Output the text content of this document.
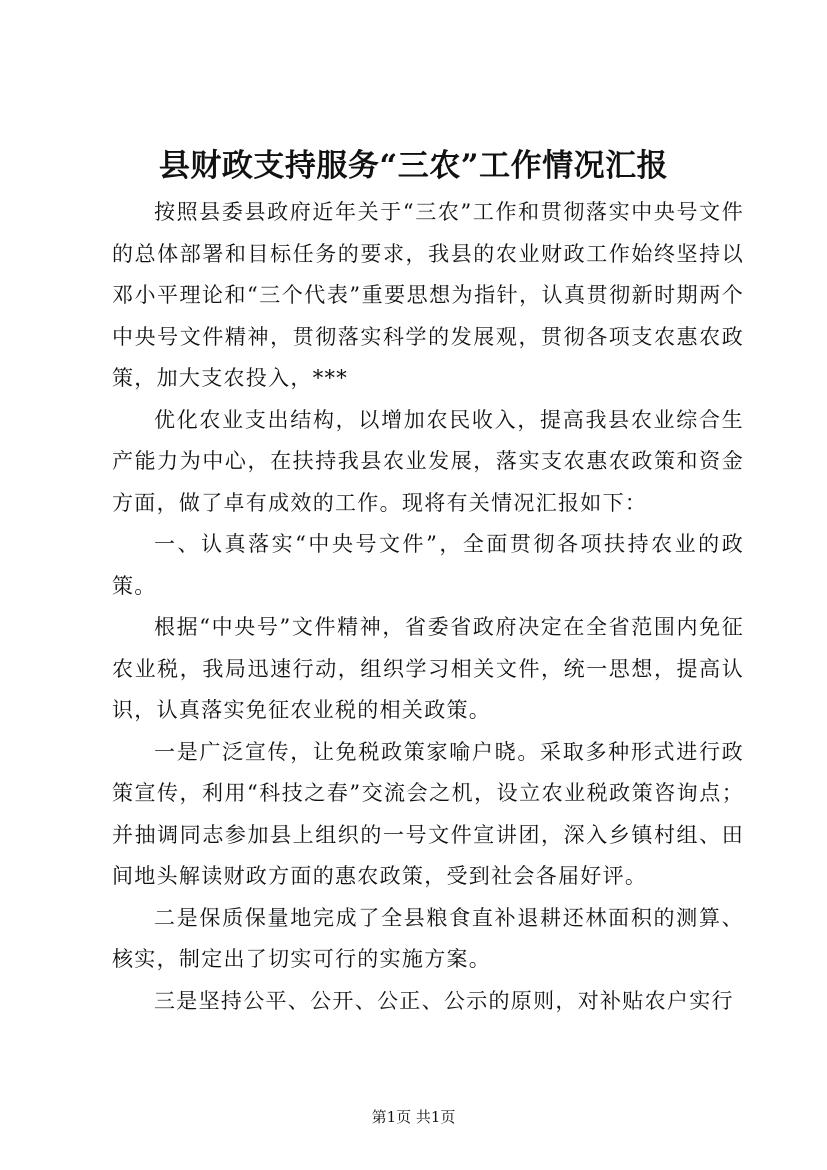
县财政支持服务“三农”工作情况汇报

按照县委县政府近年关于“三农”工作和贯彻落实中央号文件的总体部署和目标任务的要求，我县的农业财政工作始终坚持以邓小平理论和“三个代表”重要思想为指针，认真贯彻新时期两个中央号文件精神，贯彻落实科学的发展观，贯彻各项支农惠农政策，加大支农投入，***

优化农业支出结构，以增加农民收入，提高我县农业综合生产能力为中心，在扶持我县农业发展，落实支农惠农政策和资金方面，做了卓有成效的工作。现将有关情况汇报如下：

一、认真落实“中央号文件”，全面贯彻各项扶持农业的政策。

根据“中央号”文件精神，省委省政府决定在全省范围内免征农业税，我局迅速行动，组织学习相关文件，统一思想，提高认识，认真落实免征农业税的相关政策。

一是广泛宣传，让免税政策家喻户晓。采取多种形式进行政策宣传，利用“科技之春”交流会之机，设立农业税政策咨询点；并抽调同志参加县上组织的一号文件宣讲团，深入乡镇村组、田间地头解读财政方面的惠农政策，受到社会各届好评。

二是保质保量地完成了全县粮食直补退耕还林面积的测算、核实，制定出了切实可行的实施方案。

三是坚持公平、公开、公正、公示的原则，对补贴农户实行

第1页 共1页
